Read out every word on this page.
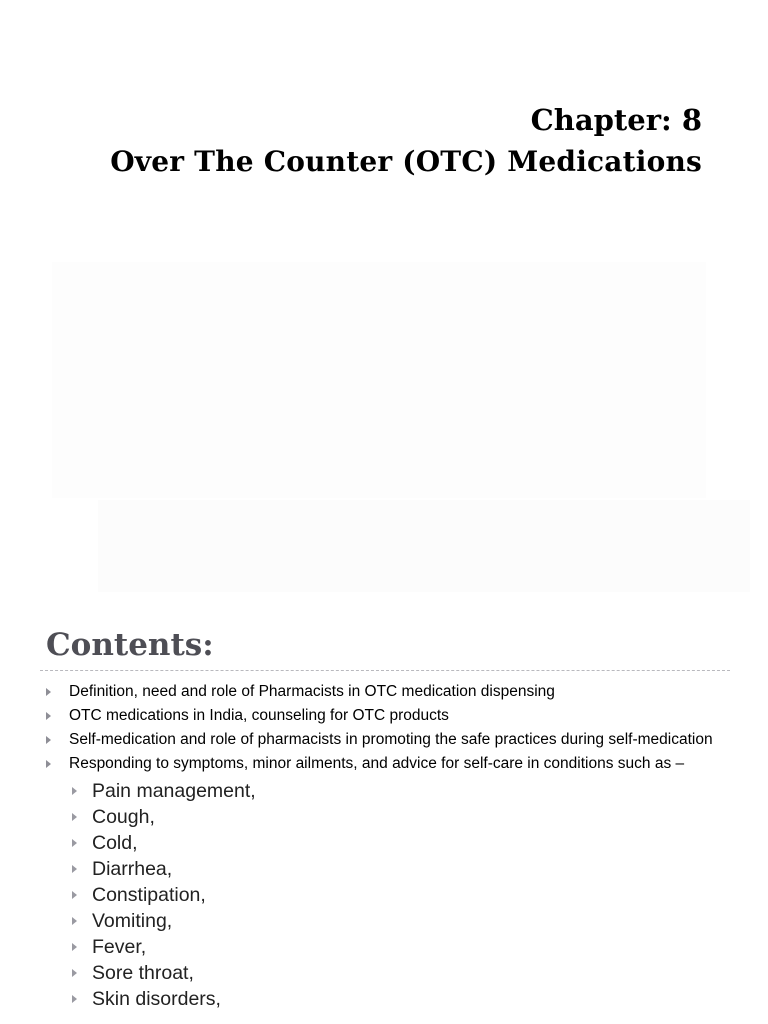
Chapter: 8
Over The Counter (OTC) Medications
Contents:
Definition, need and role of Pharmacists in OTC medication dispensing
OTC medications in India, counseling for OTC products
Self-medication and role of pharmacists in promoting the safe practices during self-medication
Responding to symptoms, minor ailments, and advice for self-care in conditions such as –
Pain management,
Cough,
Cold,
Diarrhea,
Constipation,
Vomiting,
Fever,
Sore throat,
Skin disorders,
